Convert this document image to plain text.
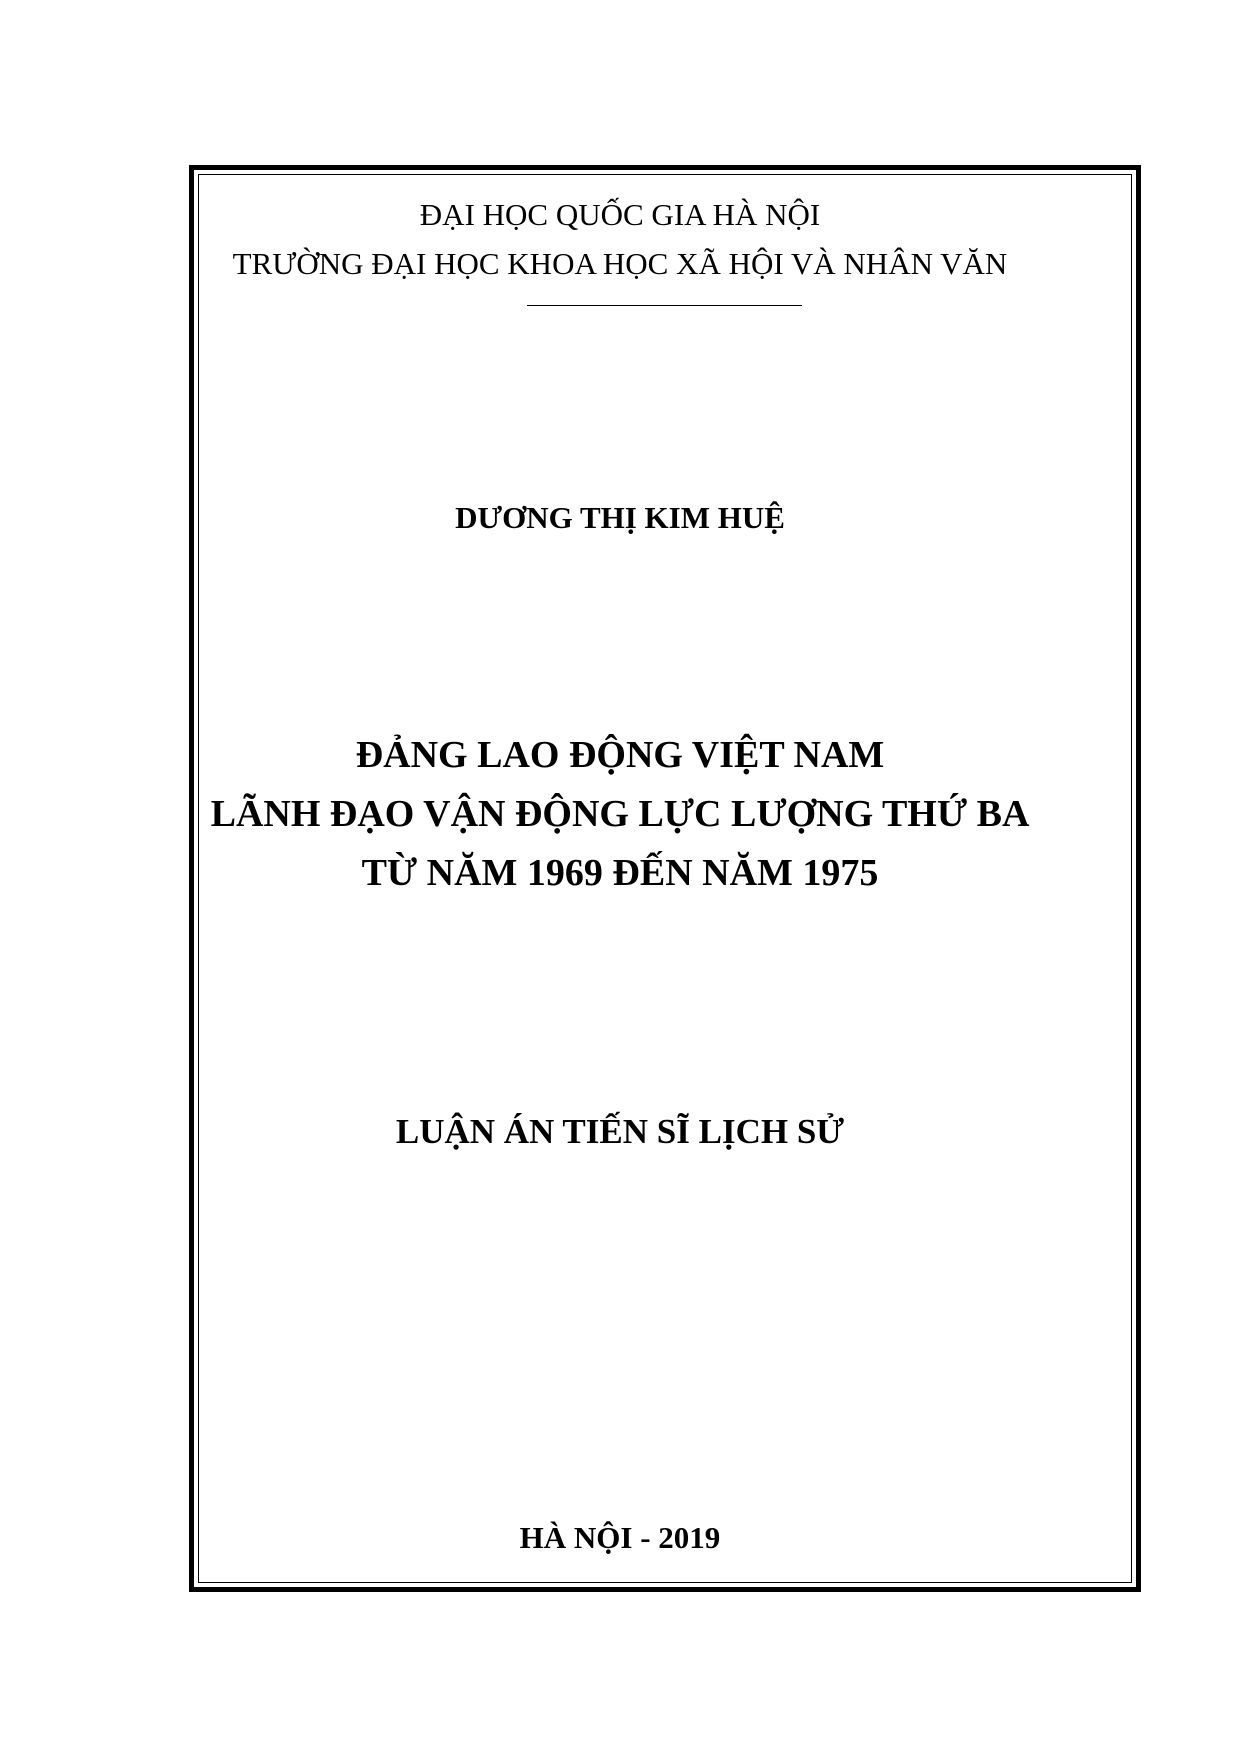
ĐẠI HỌC QUỐC GIA HÀ NỘI
TRƯỜNG ĐẠI HỌC KHOA HỌC XÃ HỘI VÀ NHÂN VĂN
DƯƠNG THỊ KIM HUỆ
ĐẢNG LAO ĐỘNG VIỆT NAM
LÃNH ĐẠO VẬN ĐỘNG LỰC LƯỢNG THỨ BA
TỪ NĂM 1969 ĐẾN NĂM 1975
LUẬN ÁN TIẾN SĨ LỊCH SỬ
HÀ NỘI - 2019
